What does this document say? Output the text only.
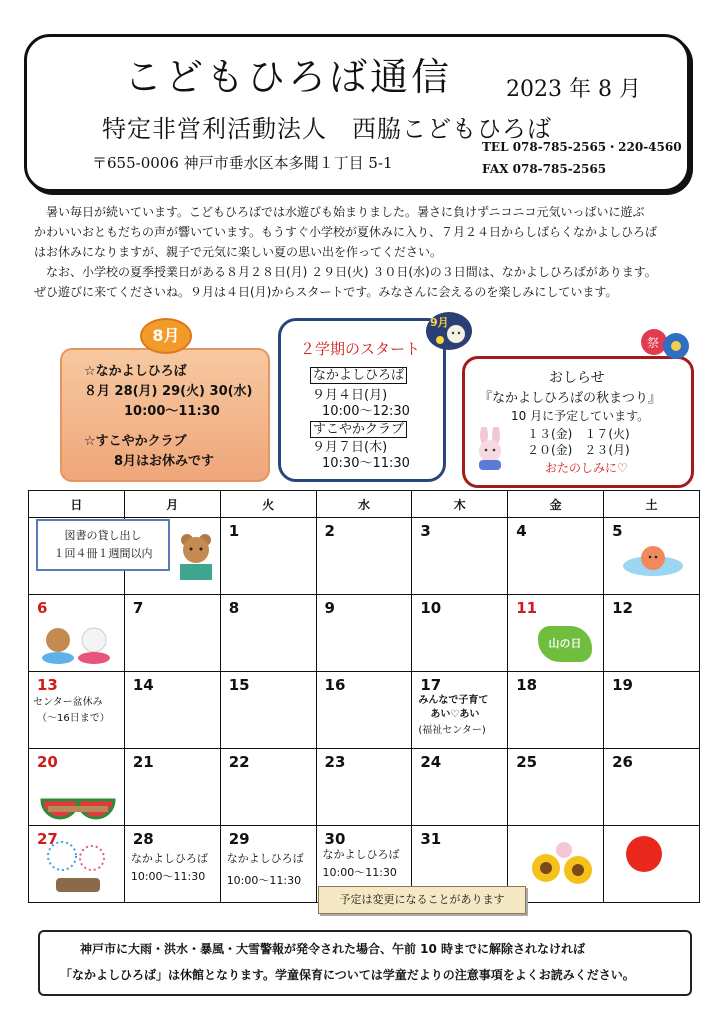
こどもひろば通信 2023 年 8 月
特定非営利活動法人　西脇こどもひろば
〒655-0006 神戸市垂水区本多聞１丁目 5-1
TEL 078-785-2565・220-4560
FAX 078-785-2565

暑い毎日が続いています。こどもひろばでは水遊びも始まりました。暑さに負けずニコニコ元気いっぱいに遊ぶ

かわいいおともだちの声が響いています。もうすぐ小学校が夏休みに入り、７月２４日からしばらくなかよしひろば

はお休みになりますが、親子で元気に楽しい夏の思い出を作ってください。

なお、小学校の夏季授業日がある８月２８日(月) ２９日(火) ３０日(水)の３日間は、なかよしひろばがあります。

ぜひ遊びに来てくださいね。９月は４日(月)からスタートです。みなさんに会えるのを楽しみにしています。

☆なかよしひろば
８月 28(月) 29(火) 30(水)
10:00～11:30
☆すこやかクラブ
8月はお休みです
8月
２学期のスタート
なかよしひろば
９月４日(月)
10:00～12:30
すこやかクラブ
９月７日(木)
10:30～11:30
9月
おしらせ
『なかよしひろばの秋まつり』
10 月に予定しています。
１３(金)　１７(火)
２０(金)　２３(月)
おたのしみに♡
祭
日	月	火	水	木	金	土

		1	2	3	4	5

6	7	8	9	10	11	12

13
センター盆休み
（～16日まで）	14	15	16	17
みんなで子育て
あい♡あい
(福祉センター)	18	19

20	21	22	23	24	25	26

27	28
なかよしひろば
10:00～11:30	29
なかよしひろば
10:00～11:30	30
なかよしひろば
10:00～11:30	31		

図書の貸し出し
１回４冊１週間以内
山の日
予定は変更になることがあります
神戸市に大雨・洪水・暴風・大雪警報が発令された場合、午前 10 時までに解除されなければ
「なかよしひろば」は休館となります。学童保育については学童だよりの注意事項をよくお読みください。
